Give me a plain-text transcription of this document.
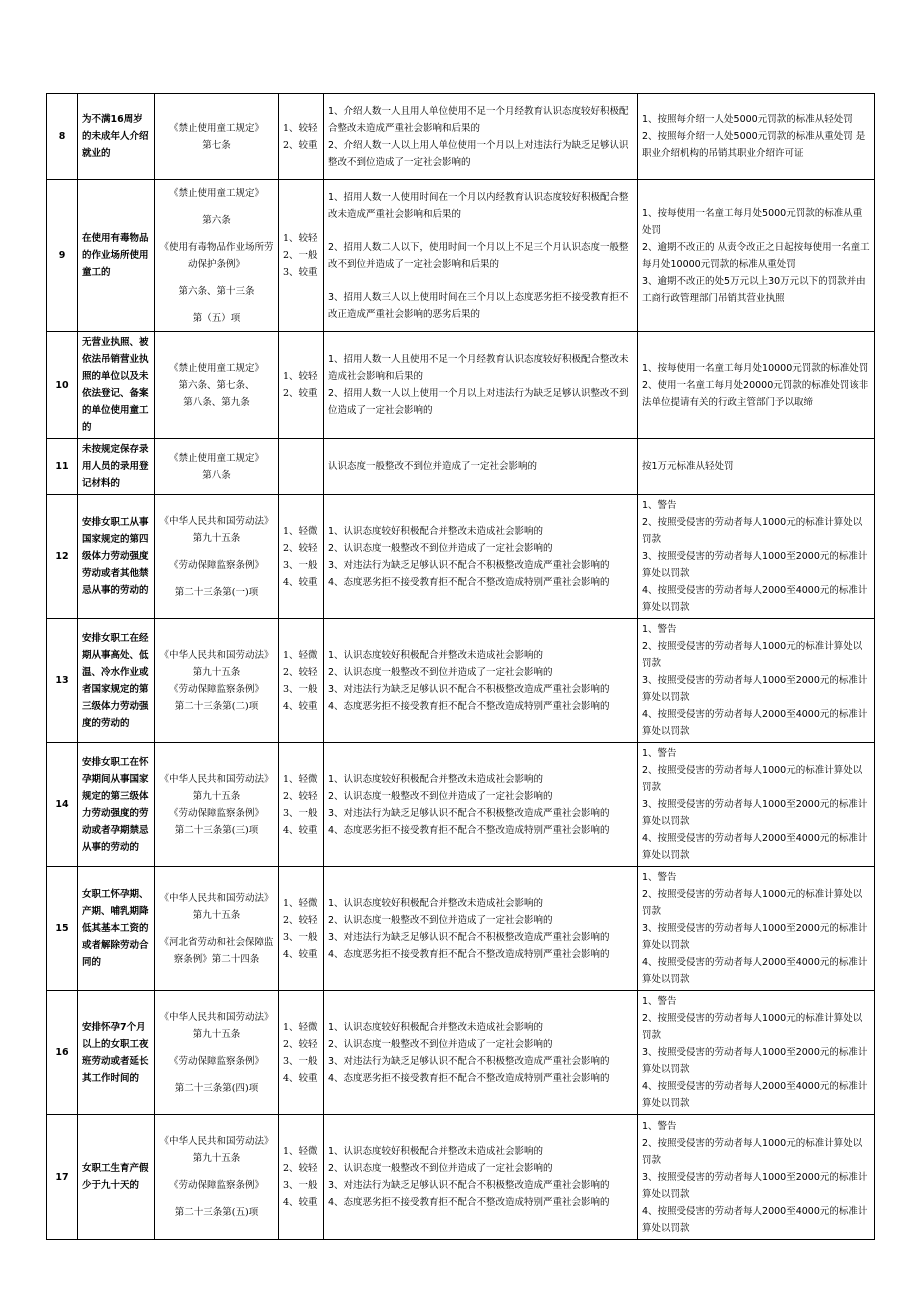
8	为不满16周岁的未成年人介绍就业的	《禁止使用童工规定》
第七条	1、较轻
2、较重	1、介绍人数一人且用人单位使用不足一个月经教育认识态度较好积极配合整改未造成严重社会影响和后果的
2、介绍人数一人以上用人单位使用一个月以上对违法行为缺乏足够认识整改不到位造成了一定社会影响的	1、按照每介绍一人处5000元罚款的标准从轻处罚
2、按照每介绍一人处5000元罚款的标准从重处罚 是职业介绍机构的吊销其职业介绍许可证

9	在使用有毒物品的作业场所使用童工的	《禁止使用童工规定》
第六条
《使用有毒物品作业场所劳动保护条例》
第六条、第十三条
第（五）项	1、较轻
2、一般
3、较重	1、招用人数一人使用时间在一个月以内经教育认识态度较好积极配合整改未造成严重社会影响和后果的
2、招用人数二人以下，使用时间一个月以上不足三个月认识态度一般整改不到位并造成了一定社会影响和后果的
3、招用人数三人以上使用时间在三个月以上态度恶劣拒不接受教育拒不改正造成严重社会影响的恶劣后果的	1、按每使用一名童工每月处5000元罚款的标准从重处罚
2、逾期不改正的 从责令改正之日起按每使用一名童工每月处10000元罚款的标准从重处罚
3、逾期不改正的处5万元以上30万元以下的罚款并由工商行政管理部门吊销其营业执照

10	无营业执照、被依法吊销营业执照的单位以及未依法登记、备案的单位使用童工的	《禁止使用童工规定》
第六条、第七条、
第八条、第九条	1、较轻
2、较重	1、招用人数一人且使用不足一个月经教育认识态度较好积极配合整改未造成社会影响和后果的
2、招用人数一人以上使用一个月以上对违法行为缺乏足够认识整改不到位造成了一定社会影响的	1、按每使用一名童工每月处10000元罚款的标准处罚
2、使用一名童工每月处20000元罚款的标准处罚该非法单位提请有关的行政主管部门予以取缔

11	未按规定保存录用人员的录用登记材料的	《禁止使用童工规定》
第八条		认识态度一般整改不到位并造成了一定社会影响的	按1万元标准从轻处罚

12	安排女职工从事国家规定的第四级体力劳动强度劳动或者其他禁忌从事的劳动的	《中华人民共和国劳动法》第九十五条
《劳动保障监察条例》
第二十三条第(一)项	1、轻微
2、较轻
3、一般
4、较重	1、认识态度较好积极配合并整改未造成社会影响的
2、认识态度一般整改不到位并造成了一定社会影响的
3、对违法行为缺乏足够认识不配合不积极整改造成严重社会影响的
4、态度恶劣拒不接受教育拒不配合不整改造成特别严重社会影响的	1、警告
2、按照受侵害的劳动者每人1000元的标准计算处以罚款
3、按照受侵害的劳动者每人1000至2000元的标准计算处以罚款
4、按照受侵害的劳动者每人2000至4000元的标准计算处以罚款

13	安排女职工在经期从事高处、低温、冷水作业或者国家规定的第三级体力劳动强度的劳动的	《中华人民共和国劳动法》第九十五条
《劳动保障监察条例》
第二十三条第(二)项	1、轻微
2、较轻
3、一般
4、较重	1、认识态度较好积极配合并整改未造成社会影响的
2、认识态度一般整改不到位并造成了一定社会影响的
3、对违法行为缺乏足够认识不配合不积极整改造成严重社会影响的
4、态度恶劣拒不接受教育拒不配合不整改造成特别严重社会影响的	1、警告
2、按照受侵害的劳动者每人1000元的标准计算处以罚款
3、按照受侵害的劳动者每人1000至2000元的标准计算处以罚款
4、按照受侵害的劳动者每人2000至4000元的标准计算处以罚款

14	安排女职工在怀孕期间从事国家规定的第三级体力劳动强度的劳动或者孕期禁忌从事的劳动的	《中华人民共和国劳动法》第九十五条
《劳动保障监察条例》
第二十三条第(三)项	1、轻微
2、较轻
3、一般
4、较重	1、认识态度较好积极配合并整改未造成社会影响的
2、认识态度一般整改不到位并造成了一定社会影响的
3、对违法行为缺乏足够认识不配合不积极整改造成严重社会影响的
4、态度恶劣拒不接受教育拒不配合不整改造成特别严重社会影响的	1、警告
2、按照受侵害的劳动者每人1000元的标准计算处以罚款
3、按照受侵害的劳动者每人1000至2000元的标准计算处以罚款
4、按照受侵害的劳动者每人2000至4000元的标准计算处以罚款

15	女职工怀孕期、产期、哺乳期降低其基本工资的或者解除劳动合同的	《中华人民共和国劳动法》第九十五条
《河北省劳动和社会保障监察条例》第二十四条	1、轻微
2、较轻
3、一般
4、较重	1、认识态度较好积极配合并整改未造成社会影响的
2、认识态度一般整改不到位并造成了一定社会影响的
3、对违法行为缺乏足够认识不配合不积极整改造成严重社会影响的
4、态度恶劣拒不接受教育拒不配合不整改造成特别严重社会影响的	1、警告
2、按照受侵害的劳动者每人1000元的标准计算处以罚款
3、按照受侵害的劳动者每人1000至2000元的标准计算处以罚款
4、按照受侵害的劳动者每人2000至4000元的标准计算处以罚款

16	安排怀孕7个月以上的女职工夜班劳动或者延长其工作时间的	《中华人民共和国劳动法》第九十五条
《劳动保障监察条例》
第二十三条第(四)项	1、轻微
2、较轻
3、一般
4、较重	1、认识态度较好积极配合并整改未造成社会影响的
2、认识态度一般整改不到位并造成了一定社会影响的
3、对违法行为缺乏足够认识不配合不积极整改造成严重社会影响的
4、态度恶劣拒不接受教育拒不配合不整改造成特别严重社会影响的	1、警告
2、按照受侵害的劳动者每人1000元的标准计算处以罚款
3、按照受侵害的劳动者每人1000至2000元的标准计算处以罚款
4、按照受侵害的劳动者每人2000至4000元的标准计算处以罚款

17	女职工生育产假少于九十天的	《中华人民共和国劳动法》第九十五条
《劳动保障监察条例》
第二十三条第(五)项	1、轻微
2、较轻
3、一般
4、较重	1、认识态度较好积极配合并整改未造成社会影响的
2、认识态度一般整改不到位并造成了一定社会影响的
3、对违法行为缺乏足够认识不配合不积极整改造成严重社会影响的
4、态度恶劣拒不接受教育拒不配合不整改造成特别严重社会影响的	1、警告
2、按照受侵害的劳动者每人1000元的标准计算处以罚款
3、按照受侵害的劳动者每人1000至2000元的标准计算处以罚款
4、按照受侵害的劳动者每人2000至4000元的标准计算处以罚款
